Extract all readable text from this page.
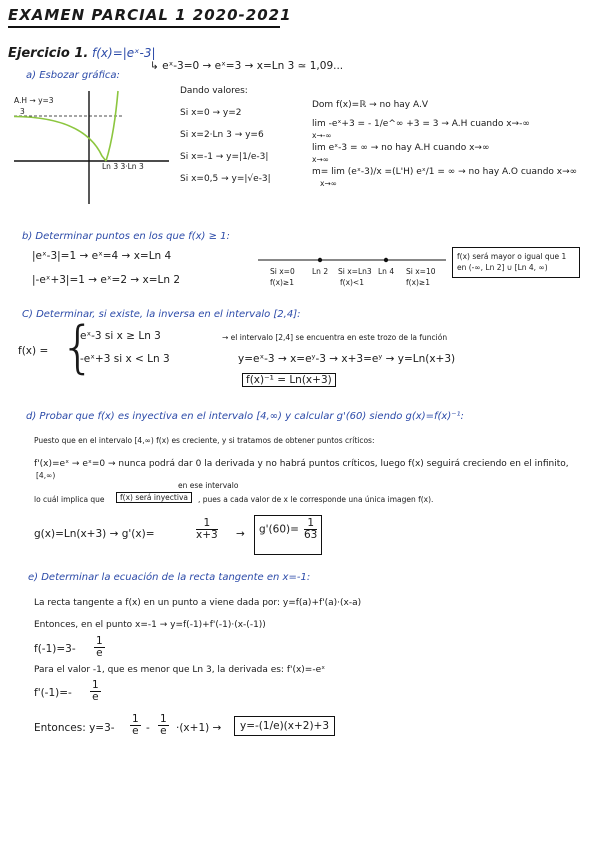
EXAMEN PARCIAL 1 2020-2021
Ejercicio 1. f(x)=|eˣ-3|
↳ eˣ-3=0 → eˣ=3 → x=Ln 3 ≃ 1,09...
a) Esbozar gráfica:
A.H → y=3
3
Ln 3 3·Ln 3
Dando valores:
Si x=0 → y=2
Si x=2·Ln 3 → y=6
Si x=-1 → y=|1/e-3|
Si x=0,5 → y=|√e-3|
Dom f(x)=ℝ → no hay A.V
lim -eˣ+3 = - 1/e^∞ +3 = 3 → A.H cuando x→-∞
x→-∞
lim eˣ-3 = ∞ → no hay A.H cuando x→∞
x→∞
m= lim (eˣ-3)/x =(L'H) eˣ/1 = ∞ → no hay A.O cuando x→∞
x→∞
b) Determinar puntos en los que f(x) ≥ 1:
|eˣ-3|=1 → eˣ=4 → x=Ln 4
|-eˣ+3|=1 → eˣ=2 → x=Ln 2
Ln 2	Ln 4
Si x=0
f(x)≥1
Si x=Ln3
f(x)<1
Si x=10
f(x)≥1
f(x) será mayor o igual que 1 en (-∞, Ln 2] ∪ [Ln 4, ∞)
C) Determinar, si existe, la inversa en el intervalo [2,4]:
f(x) = {
eˣ-3 si x ≥ Ln 3	→ el intervalo [2,4] se encuentra en este trozo de la función
-eˣ+3 si x < Ln 3	y=eˣ-3 → x=eʸ-3 → x+3=eʸ → y=Ln(x+3)
f(x)⁻¹ = Ln(x+3)
d) Probar que f(x) es inyectiva en el intervalo [4,∞) y calcular g'(60) siendo g(x)=f(x)⁻¹:
Puesto que en el intervalo [4,∞) f(x) es creciente, y si tratamos de obtener puntos críticos:
f'(x)=eˣ → eˣ=0 → nunca podrá dar 0 la derivada y no habrá puntos críticos, luego f(x) seguirá creciendo en el infinito,
[4,∞)
en ese intervalo
lo cuál implica que	f(x) será inyectiva	, pues a cada valor de x le corresponde una única imagen f(x).
g(x)=Ln(x+3) → g'(x)=	$\frac{1}{x+3}$ →	$g'(60)= \frac{1}{63}$
e) Determinar la ecuación de la recta tangente en x=-1:
La recta tangente a f(x) en un punto a viene dada por: y=f(a)+f'(a)·(x-a)
Entonces, en el punto x=-1 → y=f(-1)+f'(-1)·(x-(-1))
$f(-1)=3- \frac{1}{e}$
Para el valor -1, que es menor que Ln 3, la derivada es: f'(x)=-eˣ
$f'(-1)=- \frac{1}{e}$
Entonces: $y=3- \frac{1}{e} - \frac{1}{e} \cdot(x+1)$ →	y=-(1/e)(x+2)+3
